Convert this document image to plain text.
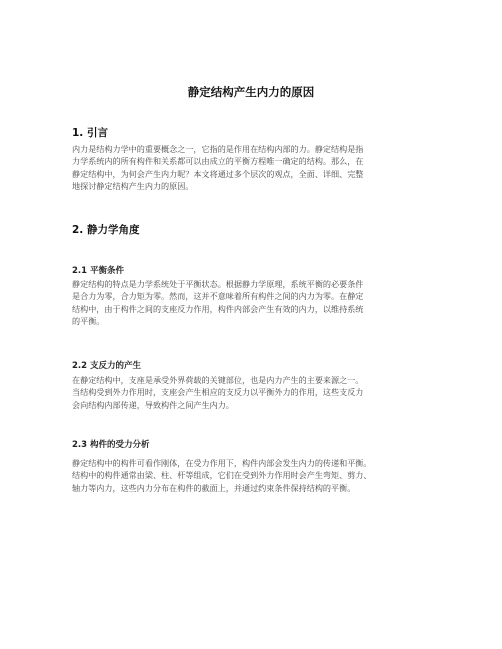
静定结构产生内力的原因
1. 引言
内力是结构力学中的重要概念之一，它指的是作用在结构内部的力。静定结构是指
力学系统内的所有构件和关系都可以由成立的平衡方程唯一确定的结构。那么，在
静定结构中，为何会产生内力呢？本文将通过多个层次的观点，全面、详细、完整
地探讨静定结构产生内力的原因。
2. 静力学角度
2.1 平衡条件
静定结构的特点是力学系统处于平衡状态。根据静力学原理，系统平衡的必要条件
是合力为零，合力矩为零。然而，这并不意味着所有构件之间的内力为零。在静定
结构中，由于构件之间的支座反力作用，构件内部会产生有效的内力，以维持系统
的平衡。
2.2 支反力的产生
在静定结构中，支座是承受外界荷载的关键部位，也是内力产生的主要来源之一。
当结构受到外力作用时，支座会产生相应的支反力以平衡外力的作用，这些支反力
会向结构内部传递，导致构件之间产生内力。
2.3 构件的受力分析
静定结构中的构件可看作刚体，在受力作用下，构件内部会发生内力的传递和平衡。
结构中的构件通常由梁、柱、杆等组成，它们在受到外力作用时会产生弯矩、剪力、
轴力等内力，这些内力分布在构件的截面上，并通过约束条件保持结构的平衡。
